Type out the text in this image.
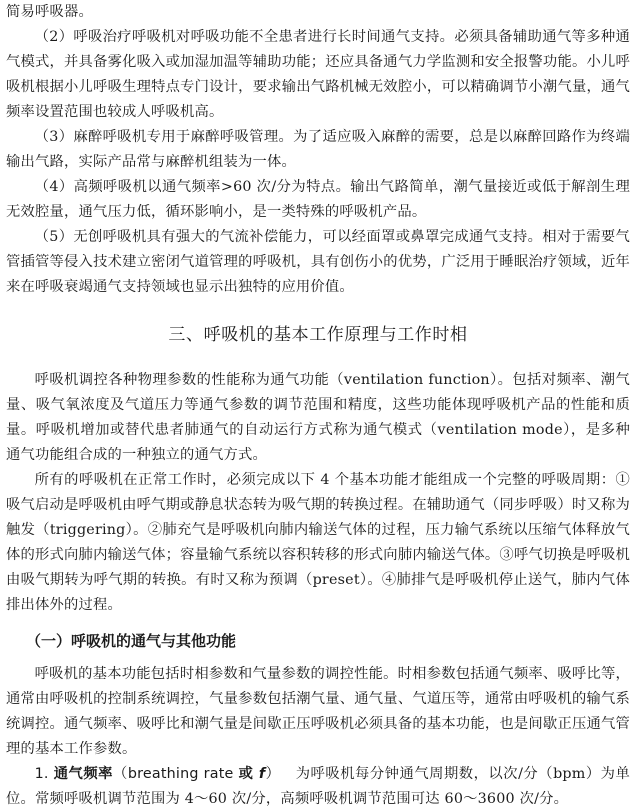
简易呼吸器。

（2）呼吸治疗呼吸机对呼吸功能不全患者进行长时间通气支持。必须具备辅助通气等多种通气模式，并具备雾化吸入或加湿加温等辅助功能；还应具备通气力学监测和安全报警功能。小儿呼吸机根据小儿呼吸生理特点专门设计，要求输出气路机械无效腔小，可以精确调节小潮气量，通气频率设置范围也较成人呼吸机高。

（3）麻醉呼吸机专用于麻醉呼吸管理。为了适应吸入麻醉的需要，总是以麻醉回路作为终端输出气路，实际产品常与麻醉机组装为一体。

（4）高频呼吸机以通气频率>60 次/分为特点。输出气路简单，潮气量接近或低于解剖生理无效腔量，通气压力低，循环影响小，是一类特殊的呼吸机产品。

（5）无创呼吸机具有强大的气流补偿能力，可以经面罩或鼻罩完成通气支持。相对于需要气管插管等侵入技术建立密闭气道管理的呼吸机，具有创伤小的优势，广泛用于睡眠治疗领域，近年来在呼吸衰竭通气支持领域也显示出独特的应用价值。

三、呼吸机的基本工作原理与工作时相

呼吸机调控各种物理参数的性能称为通气功能（ventilation function）。包括对频率、潮气量、吸气氧浓度及气道压力等通气参数的调节范围和精度，这些功能体现呼吸机产品的性能和质量。呼吸机增加或替代患者肺通气的自动运行方式称为通气模式（ventilation mode），是多种通气功能组合成的一种独立的通气方式。

所有的呼吸机在正常工作时，必须完成以下 4 个基本功能才能组成一个完整的呼吸周期：①吸气启动是呼吸机由呼气期或静息状态转为吸气期的转换过程。在辅助通气（同步呼吸）时又称为触发（triggering）。②肺充气是呼吸机向肺内输送气体的过程，压力输气系统以压缩气体释放气体的形式向肺内输送气体；容量输气系统以容积转移的形式向肺内输送气体。③呼气切换是呼吸机由吸气期转为呼气期的转换。有时又称为预调（preset）。④肺排气是呼吸机停止送气，肺内气体排出体外的过程。

（一）呼吸机的通气与其他功能

呼吸机的基本功能包括时相参数和气量参数的调控性能。时相参数包括通气频率、吸呼比等，通常由呼吸机的控制系统调控，气量参数包括潮气量、通气量、气道压等，通常由呼吸机的输气系统调控。通气频率、吸呼比和潮气量是间歇正压呼吸机必须具备的基本功能，也是间歇正压通气管理的基本工作参数。

1. 通气频率（breathing rate 或 f） 为呼吸机每分钟通气周期数，以次/分（bpm）为单位。常频呼吸机调节范围为 4～60 次/分，高频呼吸机调节范围可达 60～3600 次/分。
